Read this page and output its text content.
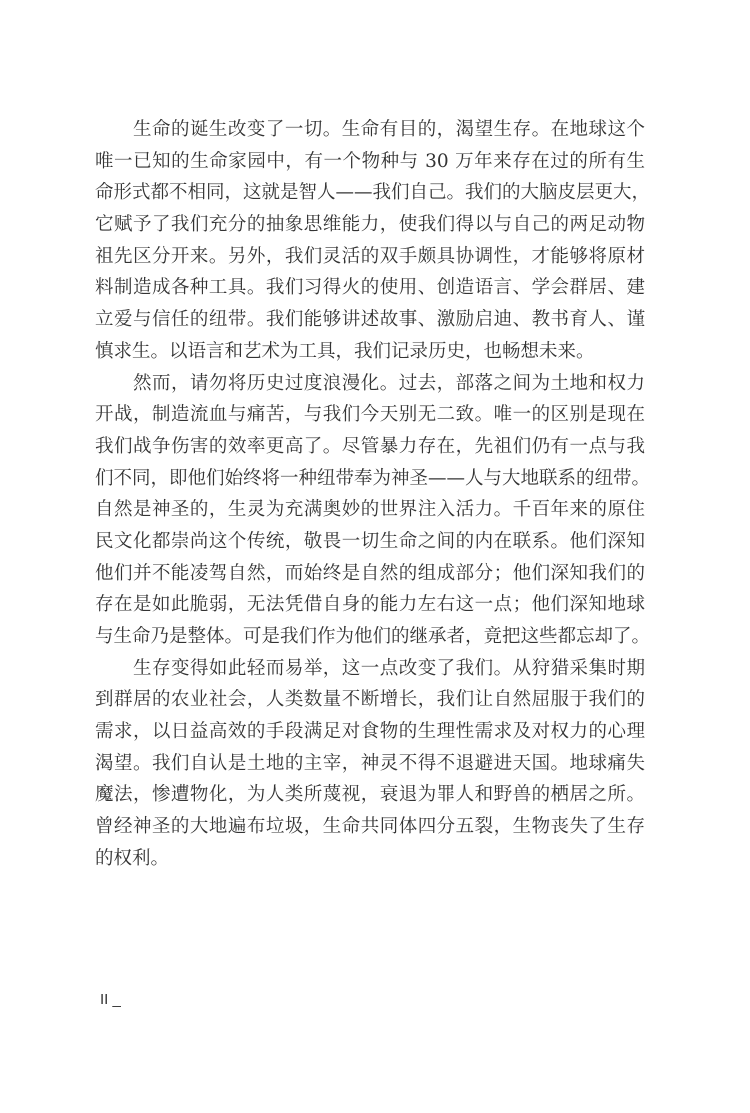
生命的诞生改变了一切。生命有目的，渴望生存。在地球这个
唯一已知的生命家园中，有一个物种与 30 万年来存在过的所有生
命形式都不相同，这就是智人——我们自己。我们的大脑皮层更大，
它赋予了我们充分的抽象思维能力，使我们得以与自己的两足动物
祖先区分开来。另外，我们灵活的双手颇具协调性，才能够将原材
料制造成各种工具。我们习得火的使用、创造语言、学会群居、建
立爱与信任的纽带。我们能够讲述故事、激励启迪、教书育人、谨
慎求生。以语言和艺术为工具，我们记录历史，也畅想未来。
然而，请勿将历史过度浪漫化。过去，部落之间为土地和权力
开战，制造流血与痛苦，与我们今天别无二致。唯一的区别是现在
我们战争伤害的效率更高了。尽管暴力存在，先祖们仍有一点与我
们不同，即他们始终将一种纽带奉为神圣——人与大地联系的纽带。
自然是神圣的，生灵为充满奥妙的世界注入活力。千百年来的原住
民文化都崇尚这个传统，敬畏一切生命之间的内在联系。他们深知
他们并不能凌驾自然，而始终是自然的组成部分；他们深知我们的
存在是如此脆弱，无法凭借自身的能力左右这一点；他们深知地球
与生命乃是整体。可是我们作为他们的继承者，竟把这些都忘却了。
生存变得如此轻而易举，这一点改变了我们。从狩猎采集时期
到群居的农业社会，人类数量不断增长，我们让自然屈服于我们的
需求，以日益高效的手段满足对食物的生理性需求及对权力的心理
渴望。我们自认是土地的主宰，神灵不得不退避进天国。地球痛失
魔法，惨遭物化，为人类所蔑视，衰退为罪人和野兽的栖居之所。
曾经神圣的大地遍布垃圾，生命共同体四分五裂，生物丧失了生存
的权利。
II _
